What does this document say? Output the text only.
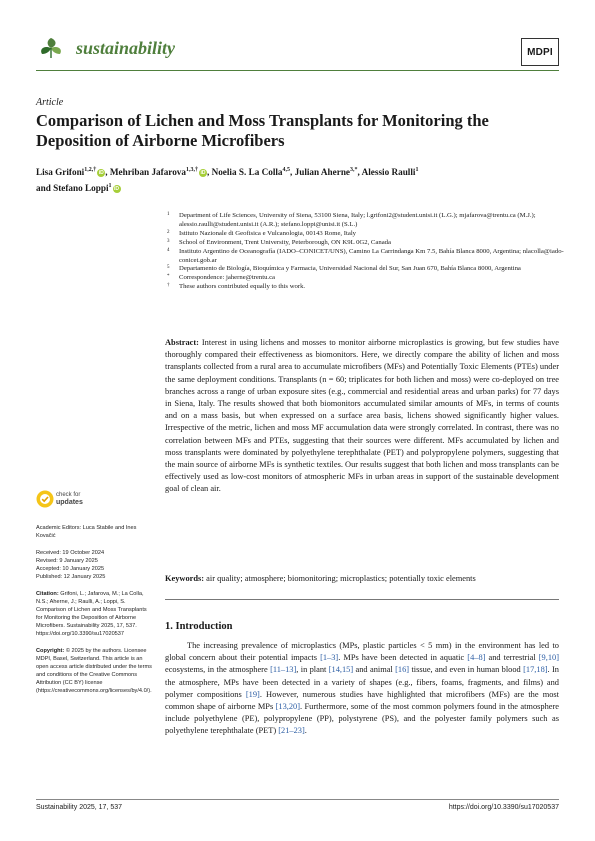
sustainability	MDPI
Article
Comparison of Lichen and Moss Transplants for Monitoring the Deposition of Airborne Microfibers
Lisa Grifoni$^{1,2,\dagger}$iD , Mehriban Jafarova$^{1,3,\dagger}$iD , Noelia S. La Colla$^{4,5}$, Julian Aherne$^{3,*}$, Alessio Raulli$^1$
and Stefano Loppi$^1$iD
1 Department of Life Sciences, University of Siena, 53100 Siena, Italy; l.grifoni2@student.unisi.it (L.G.); mjafarova@trentu.ca (M.J.); alessio.raulli@student.unisi.it (A.R.); stefano.loppi@unisi.it (S.L.)
2 Istituto Nazionale di Geofisica e Vulcanologia, 00143 Rome, Italy
3 School of Environment, Trent University, Peterborough, ON K9L 0G2, Canada
4 Instituto Argentino de Oceanografía (IADO–CONICET/UNS), Camino La Carrindanga Km 7.5, Bahía Blanca 8000, Argentina; nlacolla@iado-conicet.gob.ar
5 Departamento de Biología, Bioquímica y Farmacia, Universidad Nacional del Sur, San Juan 670, Bahía Blanca 8000, Argentina
* Correspondence: jaherne@trentu.ca
† These authors contributed equally to this work.
Abstract: Interest in using lichens and mosses to monitor airborne microplastics is growing, but few studies have thoroughly compared their effectiveness as biomonitors. Here, we directly compare the ability of lichen and moss transplants collected from a rural area to accumulate microfibers (MFs) and Potentially Toxic Elements (PTEs) under the same deployment conditions. Transplants (n = 60; triplicates for both lichen and moss) were co-deployed on tree branches across a range of urban exposure sites (e.g., commercial and residential areas and urban parks) for 77 days in Siena, Italy. The results showed that both biomonitors accumulated similar amounts of MFs, in terms of counts and on a mass basis, but when expressed on a surface area basis, lichens showed significantly higher values. Irrespective of the metric, lichen and moss MF accumulation data were strongly correlated. In contrast, there was no correlation between MFs and PTEs, suggesting that their sources were different. MFs accumulated by lichen and moss transplants were dominated by polyethylene terephthalate (PET) and polypropylene polymers, suggesting that the main source of airborne MFs is synthetic textiles. Our results suggest that both lichen and moss transplants can be effectively used as low-cost monitors of atmospheric MFs in urban areas in support of the sustainable development goal of clean air.
Keywords: air quality; atmosphere; biomonitoring; microplastics; potentially toxic elements
check for
updates
Academic Editors: Luca Stabile and Ines Kovačić
Received: 19 October 2024
Revised: 9 January 2025
Accepted: 10 January 2025
Published: 12 January 2025
Citation: Grifoni, L.; Jafarova, M.; La Colla, N.S.; Aherne, J.; Raulli, A.; Loppi, S. Comparison of Lichen and Moss Transplants for Monitoring the Deposition of Airborne Microfibers. Sustainability 2025, 17, 537. https://doi.org/10.3390/su17020537
Copyright: © 2025 by the authors. Licensee MDPI, Basel, Switzerland. This article is an open access article distributed under the terms and conditions of the Creative Commons Attribution (CC BY) license (https://creativecommons.org/licenses/by/4.0/).
1. Introduction
The increasing prevalence of microplastics (MPs, plastic particles < 5 mm) in the environment has led to global concern about their potential impacts [1–3]. MPs have been detected in aquatic [4–8] and terrestrial [9,10] ecosystems, in the atmosphere [11–13], in plant [14,15] and animal [16] tissue, and even in human blood [17,18]. In the atmosphere, MPs have been detected in a variety of shapes (e.g., fibers, foams, fragments, and films) and polymer compositions [19]. However, numerous studies have highlighted that microfibers (MFs) are the most common shape of airborne MPs [13,20]. Furthermore, some of the most common polymers found in the atmosphere include polyethylene (PE), polypropylene (PP), polystyrene (PS), and the polyester family polymers such as polyethylene terephthalate (PET) [21–23].
Sustainability 2025, 17, 537	https://doi.org/10.3390/su17020537
